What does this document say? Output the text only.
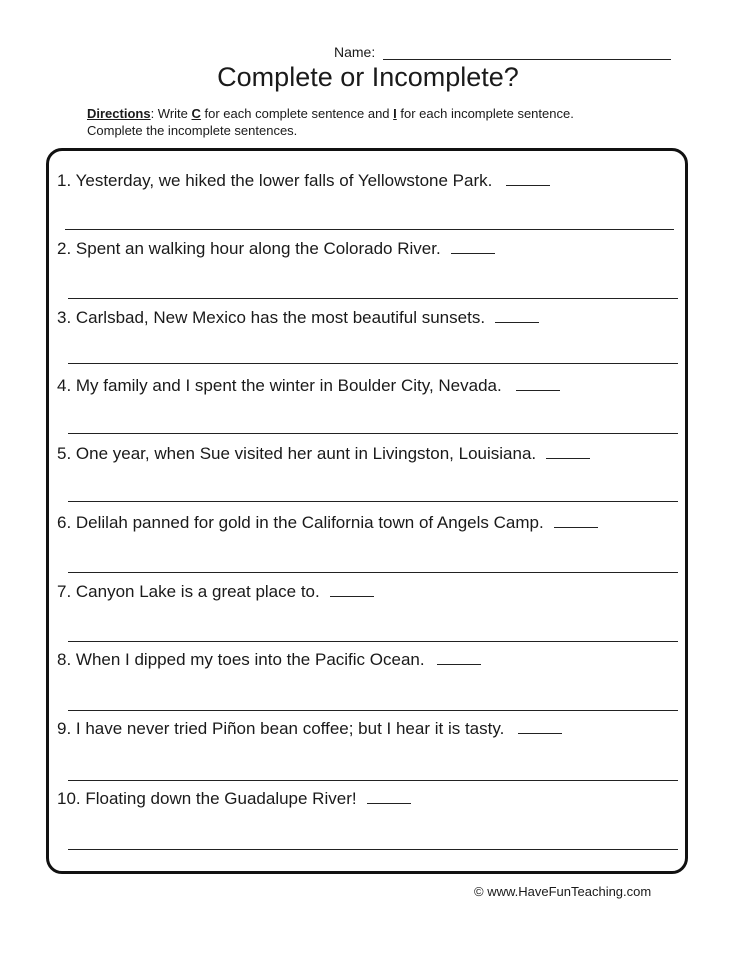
Name:
Complete or Incomplete?
Directions: Write C for each complete sentence and I for each incomplete sentence.
Complete the incomplete sentences.
1. Yesterday, we hiked the lower falls of Yellowstone Park.
2. Spent an walking hour along the Colorado River.
3. Carlsbad, New Mexico has the most beautiful sunsets.
4. My family and I spent the winter in Boulder City, Nevada.
5. One year, when Sue visited her aunt in Livingston, Louisiana.
6. Delilah panned for gold in the California town of Angels Camp.
7. Canyon Lake is a great place to.
8. When I dipped my toes into the Pacific Ocean.
9. I have never tried Piñon bean coffee; but I hear it is tasty.
10. Floating down the Guadalupe River!
© www.HaveFunTeaching.com
